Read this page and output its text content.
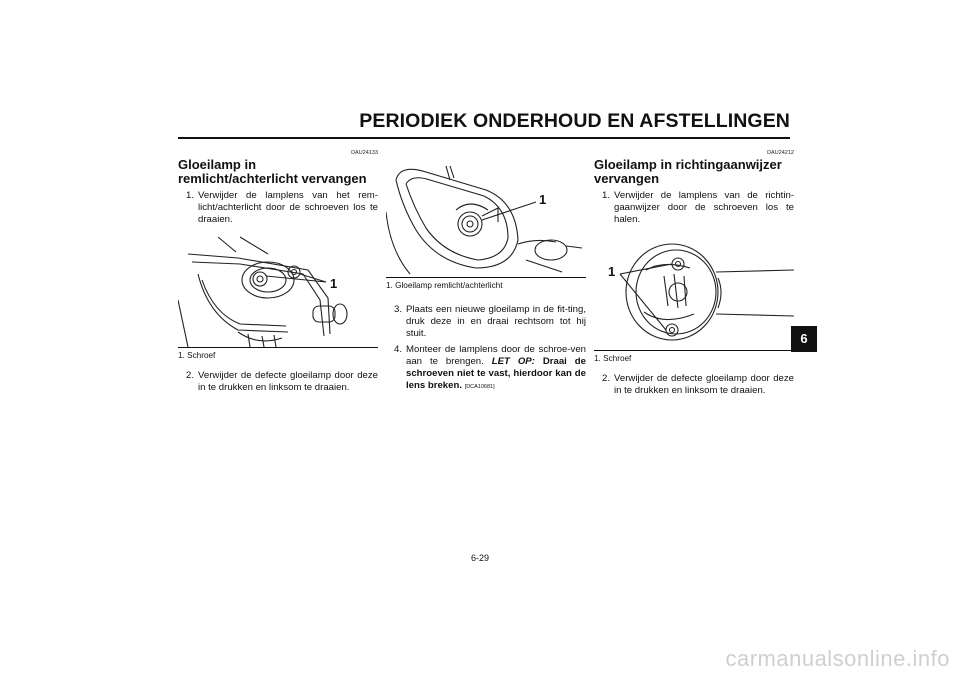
PERIODIEK ONDERHOUD EN AFSTELLINGEN
6
DAU24133
Gloeilamp in remlicht/achterlicht vervangen
1. Verwijder de lamplens van het rem-licht/achterlicht door de schroeven los te draaien.
1
1. Schroef
2. Verwijder de defecte gloeilamp door deze in te drukken en linksom te draaien.
1
1. Gloeilamp remlicht/achterlicht
3. Plaats een nieuwe gloeilamp in de fit-ting, druk deze in en draai rechtsom tot hij stuit.
4. Monteer de lamplens door de schroe-ven aan te brengen. LET OP: Draai de schroeven niet te vast, hierdoor kan de lens breken. [DCA10681]
DAU24212
Gloeilamp in richtingaanwijzer vervangen
1. Verwijder de lamplens van de richtin-gaanwijzer door de schroeven los te halen.
1
1. Schroef
2. Verwijder de defecte gloeilamp door deze in te drukken en linksom te draaien.
6-29
carmanualsonline.info
